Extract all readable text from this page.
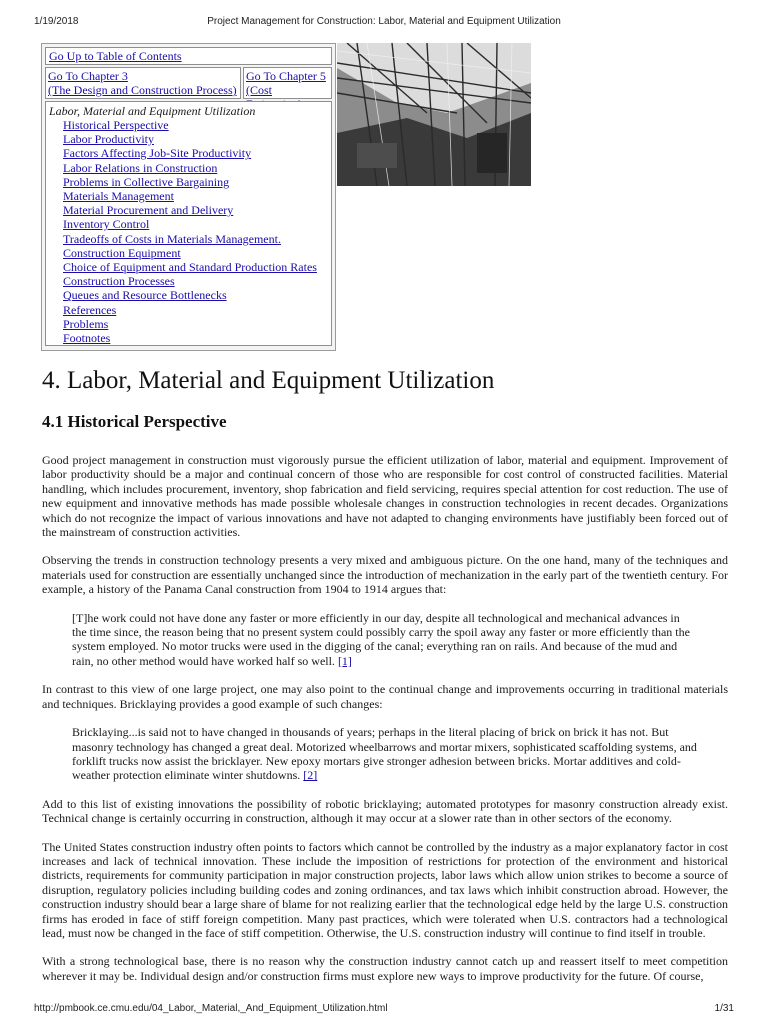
1/19/2018	Project Management for Construction: Labor, Material and Equipment Utilization
Go Up to Table of Contents
Go To Chapter 3
(The Design and Construction Process)
Go To Chapter 5
(Cost
Labor, Material and Equipment Utilization
Historical Perspective
Labor Productivity
Factors Affecting Job-Site Productivity
Labor Relations in Construction
Problems in Collective Bargaining
Materials Management
Material Procurement and Delivery
Inventory Control
Tradeoffs of Costs in Materials Management.
Construction Equipment
Choice of Equipment and Standard Production Rates
Construction Processes
Queues and Resource Bottlenecks
References
Problems
Footnotes
4. Labor, Material and Equipment Utilization
4.1 Historical Perspective

Good project management in construction must vigorously pursue the efficient utilization of labor, material and equipment. Improvement of labor productivity should be a major and continual concern of those who are responsible for cost control of constructed facilities. Material handling, which includes procurement, inventory, shop fabrication and field servicing, requires special attention for cost reduction. The use of new equipment and innovative methods has made possible wholesale changes in construction technologies in recent decades. Organizations which do not recognize the impact of various innovations and have not adapted to changing environments have justifiably been forced out of the mainstream of construction activities.

Observing the trends in construction technology presents a very mixed and ambiguous picture. On the one hand, many of the techniques and materials used for construction are essentially unchanged since the introduction of mechanization in the early part of the twentieth century. For example, a history of the Panama Canal construction from 1904 to 1914 argues that:

[T]he work could not have done any faster or more efficiently in our day, despite all technological and mechanical advances in the time since, the reason being that no present system could possibly carry the spoil away any faster or more efficiently than the system employed. No motor trucks were used in the digging of the canal; everything ran on rails. And because of the mud and rain, no other method would have worked half so well. [1]

In contrast to this view of one large project, one may also point to the continual change and improvements occurring in traditional materials and techniques. Bricklaying provides a good example of such changes:

Bricklaying...is said not to have changed in thousands of years; perhaps in the literal placing of brick on brick it has not. But masonry technology has changed a great deal. Motorized wheelbarrows and mortar mixers, sophisticated scaffolding systems, and forklift trucks now assist the bricklayer. New epoxy mortars give stronger adhesion between bricks. Mortar additives and cold-weather protection eliminate winter shutdowns. [2]

Add to this list of existing innovations the possibility of robotic bricklaying; automated prototypes for masonry construction already exist. Technical change is certainly occurring in construction, although it may occur at a slower rate than in other sectors of the economy.

The United States construction industry often points to factors which cannot be controlled by the industry as a major explanatory factor in cost increases and lack of technical innovation. These include the imposition of restrictions for protection of the environment and historical districts, requirements for community participation in major construction projects, labor laws which allow union strikes to become a source of disruption, regulatory policies including building codes and zoning ordinances, and tax laws which inhibit construction abroad. However, the construction industry should bear a large share of blame for not realizing earlier that the technological edge held by the large U.S. construction firms has eroded in face of stiff foreign competition. Many past practices, which were tolerated when U.S. contractors had a technological lead, must now be changed in the face of stiff competition. Otherwise, the U.S. construction industry will continue to find itself in trouble.

With a strong technological base, there is no reason why the construction industry cannot catch up and reassert itself to meet competition wherever it may be. Individual design and/or construction firms must explore new ways to improve productivity for the future. Of course,

http://pmbook.ce.cmu.edu/04_Labor,_Material,_And_Equipment_Utilization.html	1/31
